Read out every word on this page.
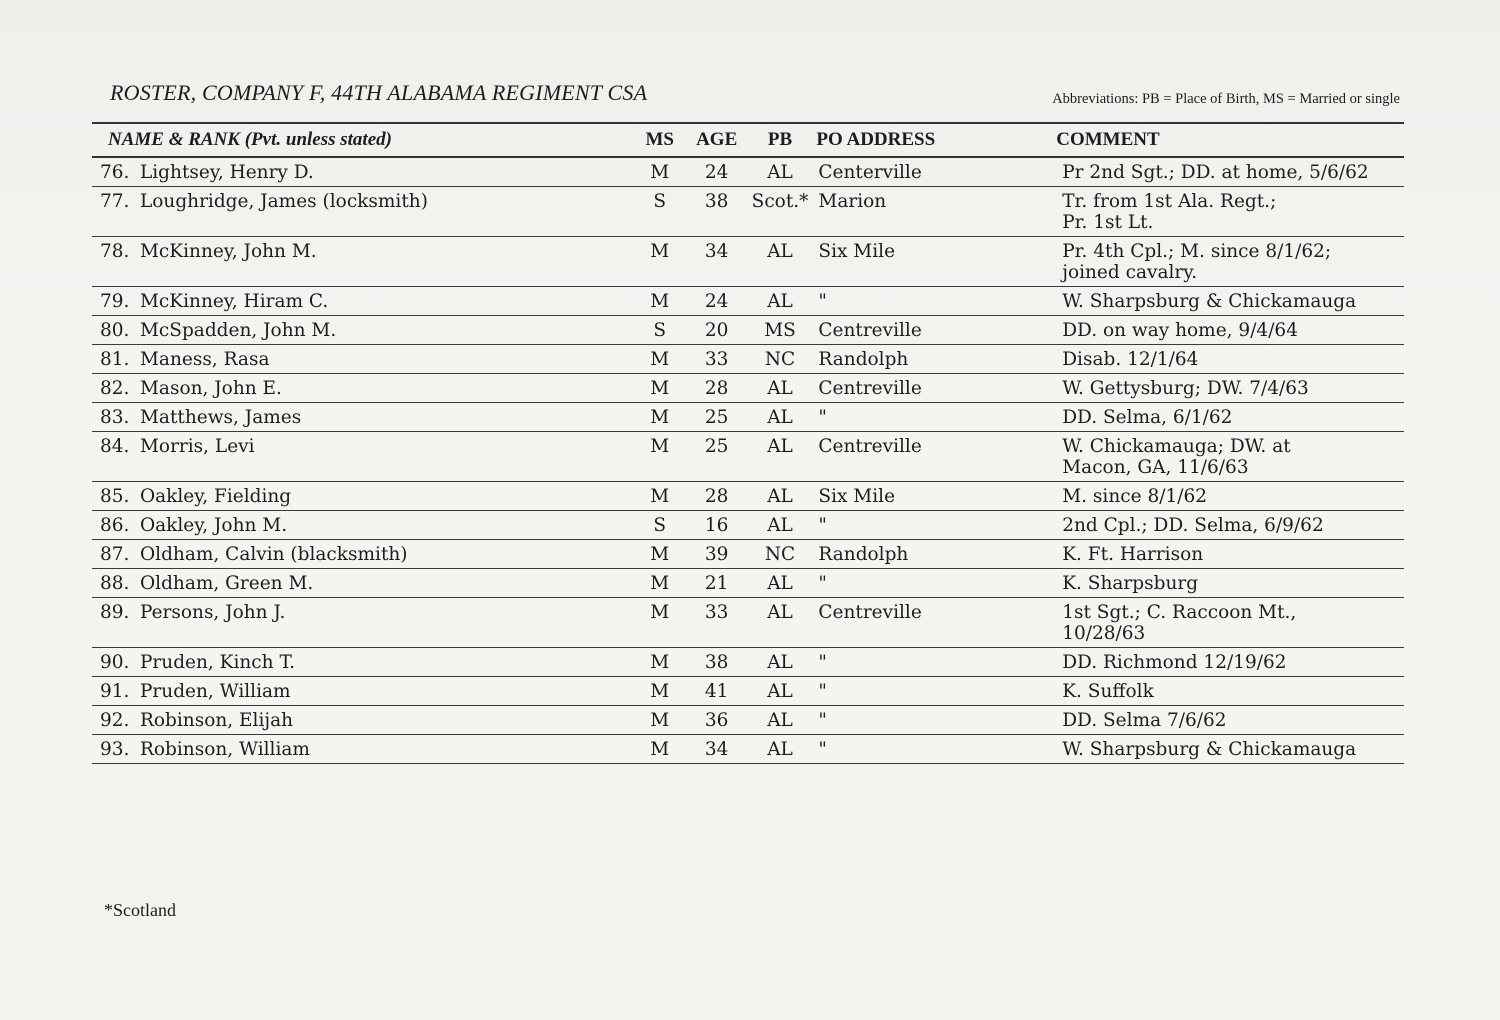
ROSTER, COMPANY F, 44TH ALABAMA REGIMENT CSA	Abbreviations: PB = Place of Birth, MS = Married or single
NAME & RANK (Pvt. unless stated)		MS	AGE	PB	PO ADDRESS	COMMENT
76.	Lightsey, Henry D.	M	24	AL	Centerville	Pr 2nd Sgt.; DD. at home, 5/6/62
77.	Loughridge, James (locksmith)	S	38	Scot.*	Marion	Tr. from 1st Ala. Regt.;
Pr. 1st Lt.
78.	McKinney, John M.	M	34	AL	Six Mile	Pr. 4th Cpl.; M. since 8/1/62;
joined cavalry.
79.	McKinney, Hiram C.	M	24	AL	"	W. Sharpsburg & Chickamauga
80.	McSpadden, John M.	S	20	MS	Centreville	DD. on way home, 9/4/64
81.	Maness, Rasa	M	33	NC	Randolph	Disab. 12/1/64
82.	Mason, John E.	M	28	AL	Centreville	W. Gettysburg; DW. 7/4/63
83.	Matthews, James	M	25	AL	"	DD. Selma, 6/1/62
84.	Morris, Levi	M	25	AL	Centreville	W. Chickamauga; DW. at
Macon, GA, 11/6/63
85.	Oakley, Fielding	M	28	AL	Six Mile	M. since 8/1/62
86.	Oakley, John M.	S	16	AL	"	2nd Cpl.; DD. Selma, 6/9/62
87.	Oldham, Calvin (blacksmith)	M	39	NC	Randolph	K. Ft. Harrison
88.	Oldham, Green M.	M	21	AL	"	K. Sharpsburg
89.	Persons, John J.	M	33	AL	Centreville	1st Sgt.; C. Raccoon Mt.,
10/28/63
90.	Pruden, Kinch T.	M	38	AL	"	DD. Richmond 12/19/62
91.	Pruden, William	M	41	AL	"	K. Suffolk
92.	Robinson, Elijah	M	36	AL	"	DD. Selma 7/6/62
93.	Robinson, William	M	34	AL	"	W. Sharpsburg & Chickamauga
*Scotland
